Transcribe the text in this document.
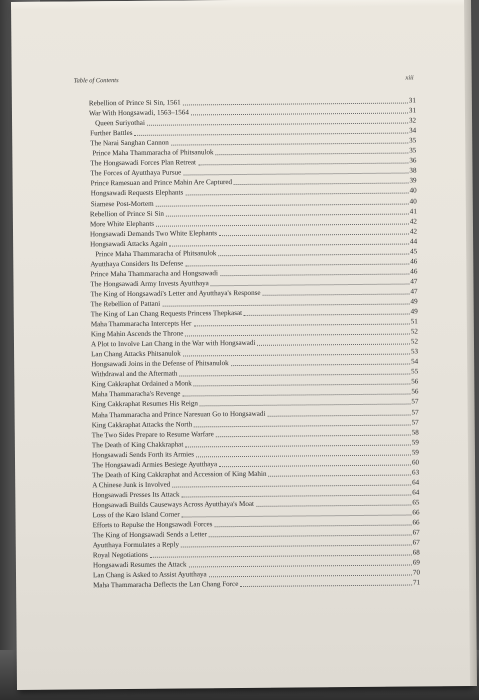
Table of Contents	xiii
Rebellion of Prince Si Sin, 1561	31
War With Hongsawadi, 1563–1564	31
Queen Suriyothai	32
Further Battles	34
The Narai Sanghan Cannon	35
Prince Maha Thammaracha of Phitsanulok	35
The Hongsawadi Forces Plan Retreat	36
The Forces of Ayutthaya Pursue	38
Prince Ramesuan and Prince Mahin Are Captured	39
Hongsawadi Requests Elephants	40
Siamese Post-Mortem	40
Rebellion of Prince Si Sin	41
More White Elephants	42
Hongsawadi Demands Two White Elephants	42
Hongsawadi Attacks Again	44
Prince Maha Thammaracha of Phitsanulok	45
Ayutthaya Considers Its Defense	46
Prince Maha Thammaracha and Hongsawadi	46
The Hongsawadi Army Invests Ayutthaya	47
The King of Hongsawadi's Letter and Ayutthaya's Response	47
The Rebellion of Pattani	49
The King of Lan Chang Requests Princess Thepkasat	49
Maha Thammaracha Intercepts Her	51
King Mahin Ascends the Throne	52
A Plot to Involve Lan Chang in the War with Hongsawadi	52
Lan Chang Attacks Phitsanulok	53
Hongsawadi Joins in the Defense of Phitsanulok	54
Withdrawal and the Aftermath	55
King Cakkraphat Ordained a Monk	56
Maha Thammaracha's Revenge	56
King Cakkraphat Resumes His Reign	57
Maha Thammaracha and Prince Naresuan Go to Hongsawadi	57
King Cakkraphat Attacks the North	57
The Two Sides Prepare to Resume Warfare	58
The Death of King Chakkraphat	59
Hongsawadi Sends Forth its Armies	59
The Hongsawadi Armies Besiege Ayutthaya	60
The Death of King Cakkraphat and Accession of King Mahin	63
A Chinese Junk is Involved	64
Hongsawadi Presses Its Attack	64
Hongsawadi Builds Causeways Across Ayutthaya's Moat	65
Loss of the Kæo Island Corner	66
Efforts to Repulse the Hongsawadi Forces	66
The King of Hongsawadi Sends a Letter	67
Ayutthaya Formulates a Reply	67
Royal Negotiations	68
Hongsawadi Resumes the Attack	69
Lan Chang is Asked to Assist Ayutthaya	70
Maha Thammaracha Deflects the Lan Chang Force	71
